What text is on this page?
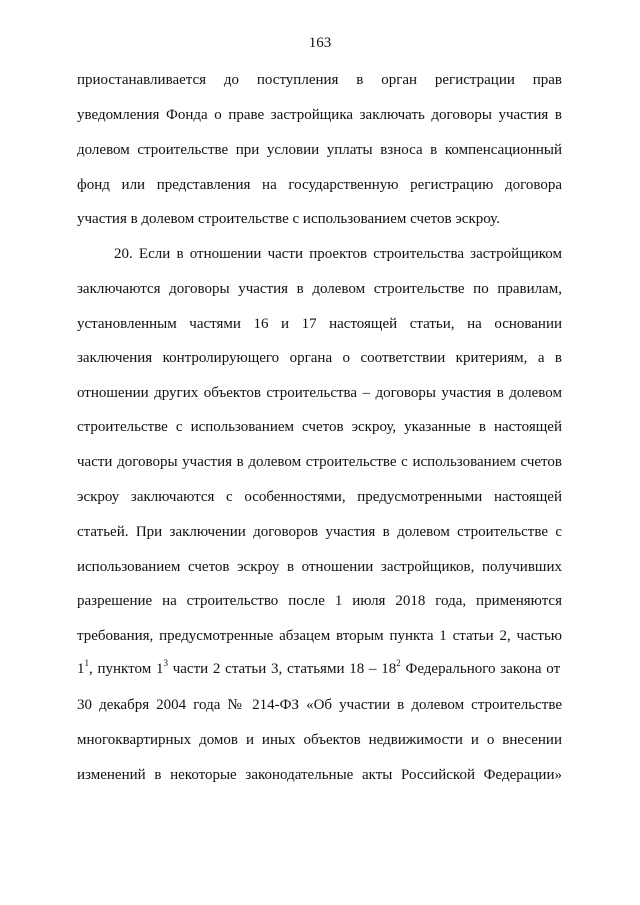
163
приостанавливается до поступления в орган регистрации прав
уведомления Фонда о праве застройщика заключать договоры участия в
долевом строительстве при условии уплаты взноса в компенсационный
фонд или представления на государственную регистрацию договора
участия в долевом строительстве с использованием счетов эскроу.
20. Если в отношении части проектов строительства застройщиком
заключаются договоры участия в долевом строительстве по правилам,
установленным частями 16 и 17 настоящей статьи, на основании
заключения контролирующего органа о соответствии критериям, а в
отношении других объектов строительства – договоры участия в долевом
строительстве с использованием счетов эскроу, указанные в настоящей
части договоры участия в долевом строительстве с использованием счетов
эскроу заключаются с особенностями, предусмотренными настоящей
статьей. При заключении договоров участия в долевом строительстве с
использованием счетов эскроу в отношении застройщиков, получивших
разрешение на строительство после 1 июля 2018 года, применяются
требования, предусмотренные абзацем вторым пункта 1 статьи 2, частью
$1^1$, пунктом $1^3$ части 2 статьи 3, статьями $18 - 18^2$ Федерального закона от
30 декабря 2004 года № 214-ФЗ «Об участии в долевом строительстве
многоквартирных домов и иных объектов недвижимости и о внесении
изменений в некоторые законодательные акты Российской Федерации»
